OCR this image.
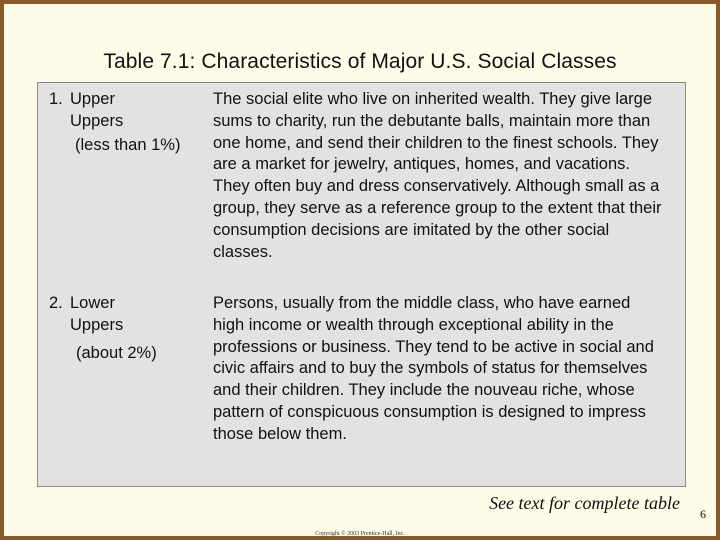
Table 7.1: Characteristics of Major U.S. Social Classes
1. Upper
Uppers
(less than 1%)
The social elite who live on inherited wealth. They give large sums to charity, run the debutante balls, maintain more than one home, and send their children to the finest schools. They are a market for jewelry, antiques, homes, and vacations. They often buy and dress conservatively. Although small as a group, they serve as a reference group to the extent that their consumption decisions are imitated by the other social classes.
2. Lower
Uppers
(about 2%)
Persons, usually from the middle class, who have earned high income or wealth through exceptional ability in the professions or business. They tend to be active in social and civic affairs and to buy the symbols of status for themselves and their children. They include the nouveau riche, whose pattern of conspicuous consumption is designed to impress those below them.
See text for complete table
6
Copyright © 2003 Prentice-Hall, Inc.
